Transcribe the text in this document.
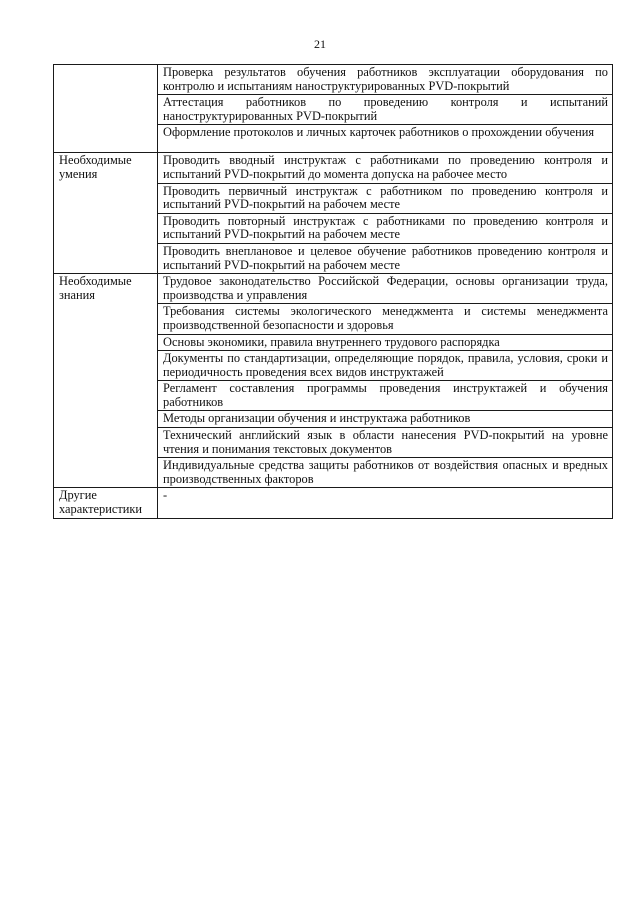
21
	Проверка результатов обучения работников эксплуатации оборудования по контролю и испытаниям наноструктурированных PVD-покрытий
	Аттестация работников по проведению контроля и испытаний наноструктурированных PVD-покрытий
	Оформление протоколов и личных карточек работников о прохождении обучения
Необходимые умения	Проводить вводный инструктаж с работниками по проведению контроля и испытаний PVD-покрытий до момента допуска на рабочее место
	Проводить первичный инструктаж с работником по проведению контроля и испытаний PVD-покрытий на рабочем месте
	Проводить повторный инструктаж с работниками по проведению контроля и испытаний PVD-покрытий на рабочем месте
	Проводить внеплановое и целевое обучение работников проведению контроля и испытаний PVD-покрытий на рабочем месте
Необходимые знания	Трудовое законодательство Российской Федерации, основы организации труда, производства и управления
	Требования системы экологического менеджмента и системы менеджмента производственной безопасности и здоровья
	Основы экономики, правила внутреннего трудового распорядка
	Документы по стандартизации, определяющие порядок, правила, условия, сроки и периодичность проведения всех видов инструктажей
	Регламент составления программы проведения инструктажей и обучения работников
	Методы организации обучения и инструктажа работников
	Технический английский язык в области нанесения PVD-покрытий на уровне чтения и понимания текстовых документов
	Индивидуальные средства защиты работников от воздействия опасных и вредных производственных факторов
Другие характеристики	-
